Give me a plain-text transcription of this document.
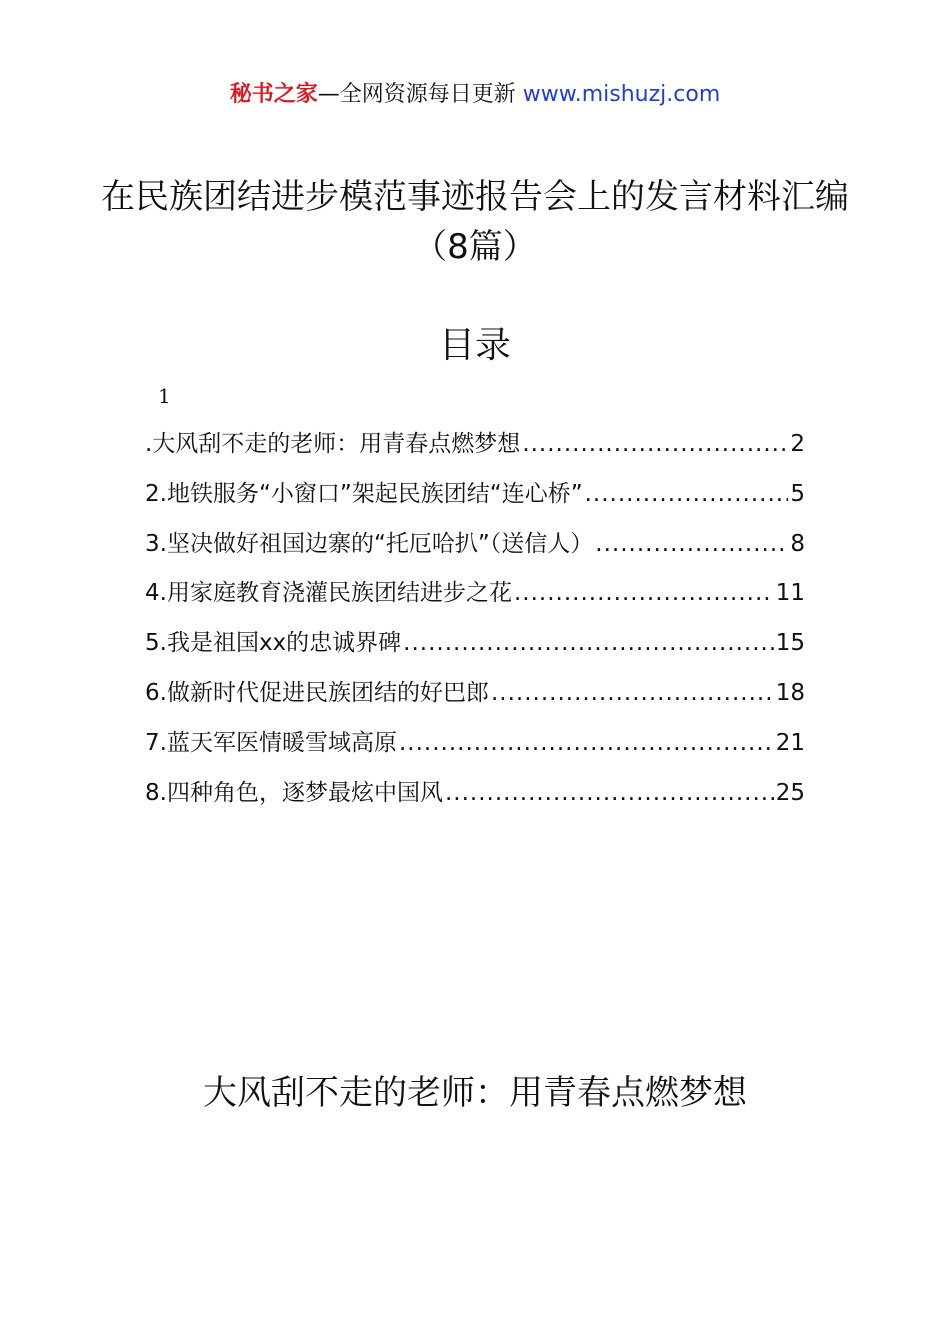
秘书之家—全网资源每日更新 www.mishuzj.com
在民族团结进步模范事迹报告会上的发言材料汇编（8篇）
目录
1
.大风刮不走的老师：用青春点燃梦想 .....	2
2.地铁服务“小窗口”架起民族团结“连心桥” .....	5
3.坚决做好祖国边寨的“托厄哈扒”（送信人） .....	8
4.用家庭教育浇灌民族团结进步之花 .....	11
5.我是祖国xx的忠诚界碑 .....	15
6.做新时代促进民族团结的好巴郎 .....	18
7.蓝天军医情暖雪域高原 .....	21
8.四种角色，逐梦最炫中国风 .....	25
大风刮不走的老师：用青春点燃梦想
